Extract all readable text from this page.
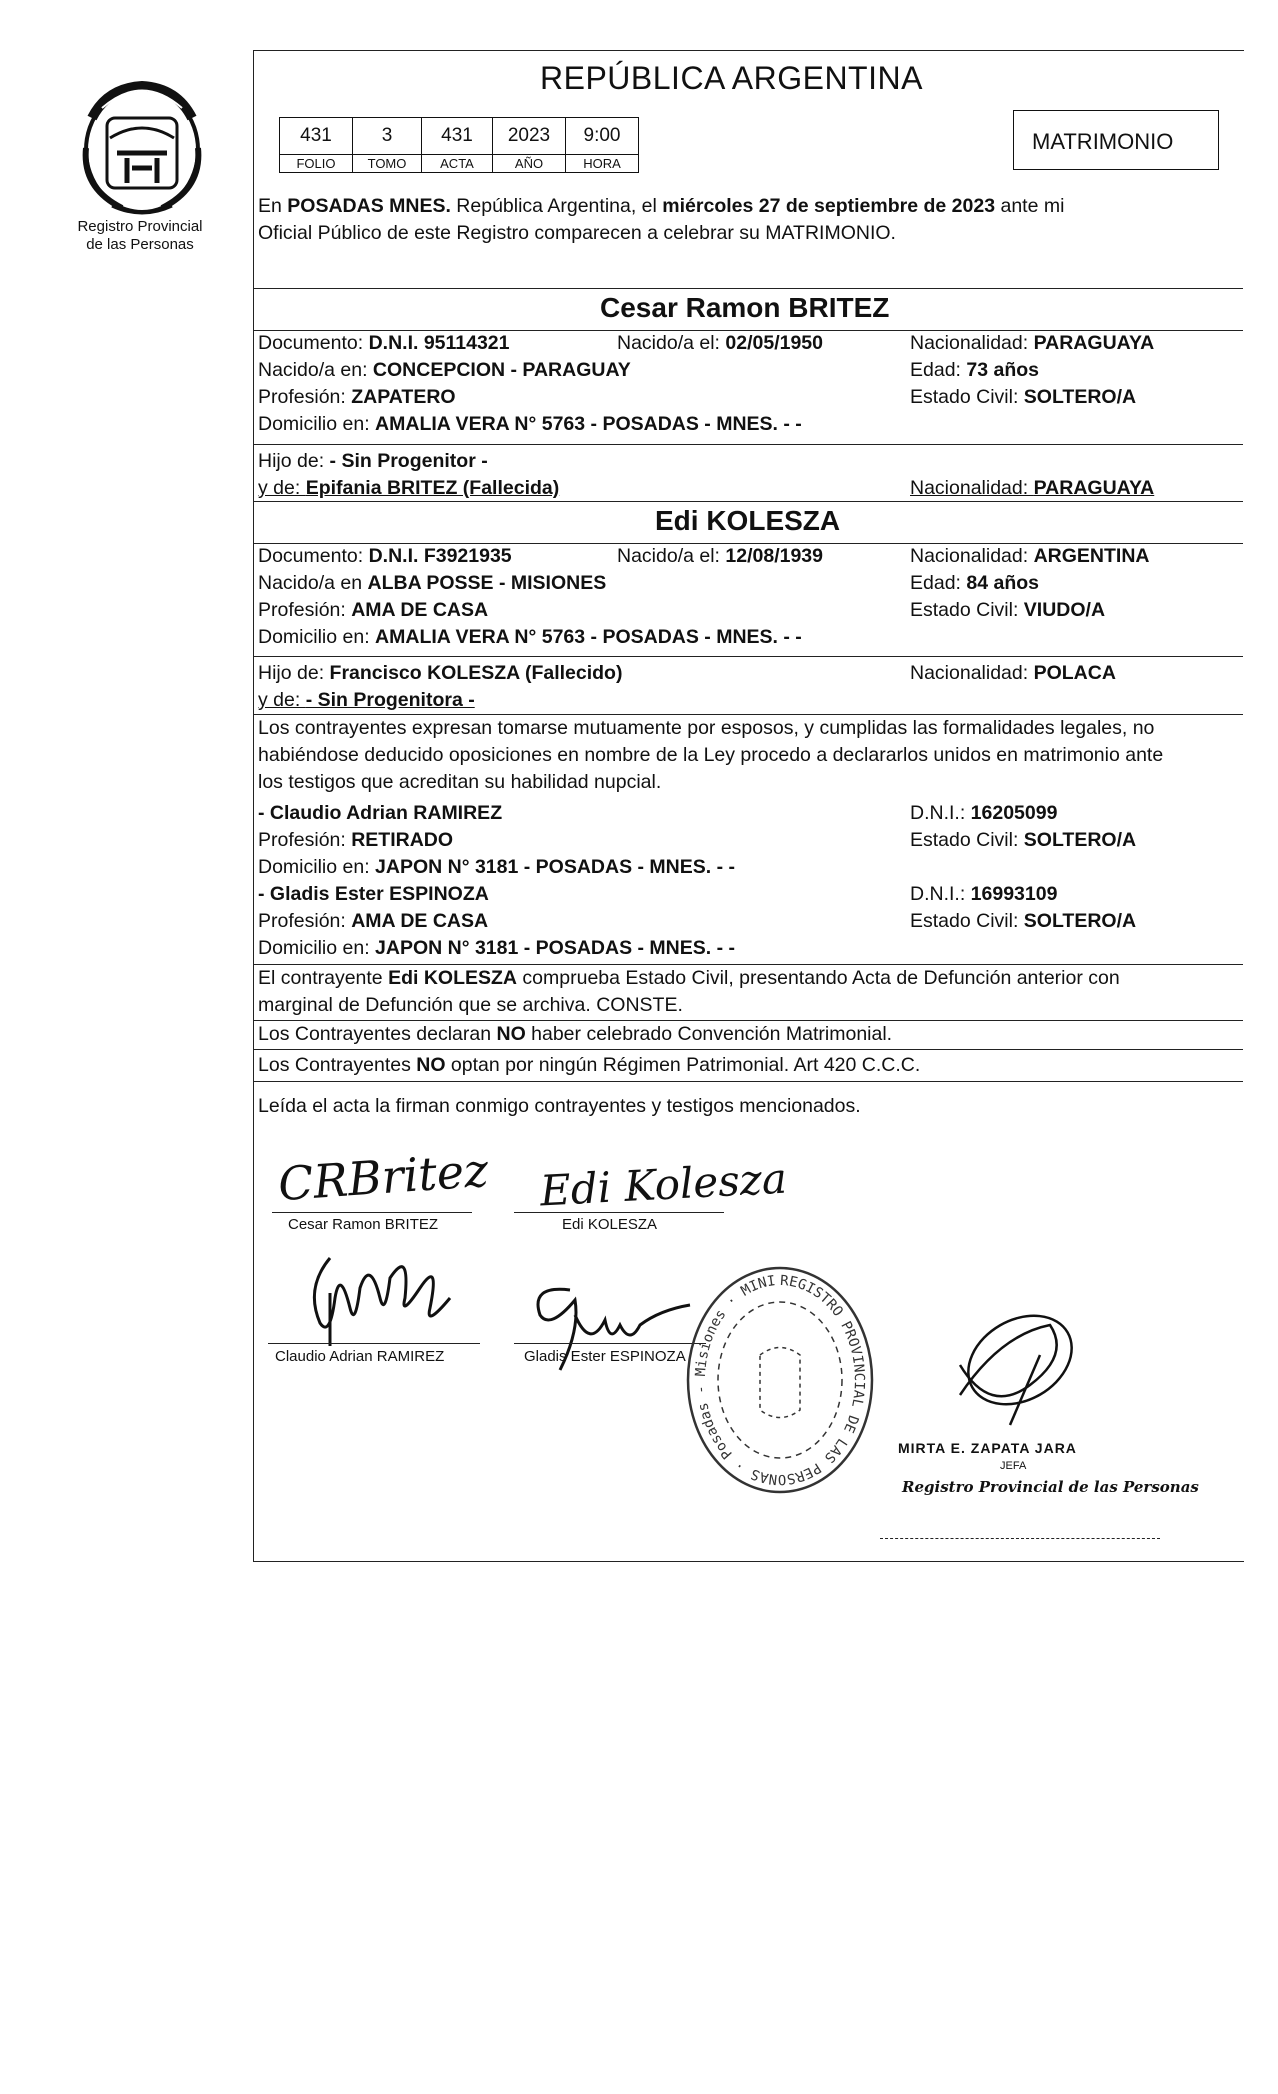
Registro Provincial
de las Personas
REPÚBLICA ARGENTINA
431	3	431	2023	9:00
FOLIO	TOMO	ACTA	AÑO	HORA
MATRIMONIO
En POSADAS MNES. República Argentina, el miércoles 27 de septiembre de 2023 ante mi
Oficial Público de este Registro comparecen a celebrar su MATRIMONIO.
Cesar Ramon BRITEZ
Documento: D.N.I. 95114321	Nacido/a el: 02/05/1950	Nacionalidad: PARAGUAYA
Nacido/a en: CONCEPCION - PARAGUAY	Edad: 73 años
Profesión: ZAPATERO	Estado Civil: SOLTERO/A
Domicilio en: AMALIA VERA N° 5763 - POSADAS - MNES. - -
Hijo de: - Sin Progenitor -
y de: Epifania BRITEZ (Fallecida)	Nacionalidad: PARAGUAYA
Edi KOLESZA
Documento: D.N.I. F3921935	Nacido/a el: 12/08/1939	Nacionalidad: ARGENTINA
Nacido/a en ALBA POSSE - MISIONES	Edad: 84 años
Profesión: AMA DE CASA	Estado Civil: VIUDO/A
Domicilio en: AMALIA VERA N° 5763 - POSADAS - MNES. - -
Hijo de: Francisco KOLESZA (Fallecido)	Nacionalidad: POLACA
y de: - Sin Progenitora -
Los contrayentes expresan tomarse mutuamente por esposos, y cumplidas las formalidades legales, no
habiéndose deducido oposiciones en nombre de la Ley procedo a declararlos unidos en matrimonio ante
los testigos que acreditan su habilidad nupcial.
- Claudio Adrian RAMIREZ	D.N.I.: 16205099
Profesión: RETIRADO	Estado Civil: SOLTERO/A
Domicilio en: JAPON N° 3181 - POSADAS - MNES. - -
- Gladis Ester ESPINOZA	D.N.I.: 16993109
Profesión: AMA DE CASA	Estado Civil: SOLTERO/A
Domicilio en: JAPON N° 3181 - POSADAS - MNES. - -
El contrayente Edi KOLESZA comprueba Estado Civil, presentando Acta de Defunción anterior con
marginal de Defunción que se archiva. CONSTE.
Los Contrayentes declaran NO haber celebrado Convención Matrimonial.
Los Contrayentes NO optan por ningún Régimen Patrimonial. Art 420 C.C.C.
Leída el acta la firman conmigo contrayentes y testigos mencionados.
CRBritez
Cesar Ramon BRITEZ
Edi Kolesza
Edi KOLESZA
Claudio Adrian RAMIREZ	Gladis Ester ESPINOZA
REGISTRO PROVINCIAL DE LAS PERSONAS · Posadas - Misiones · MINI
MIRTA E. ZAPATA JARA
JEFA
Registro Provincial de las Personas
